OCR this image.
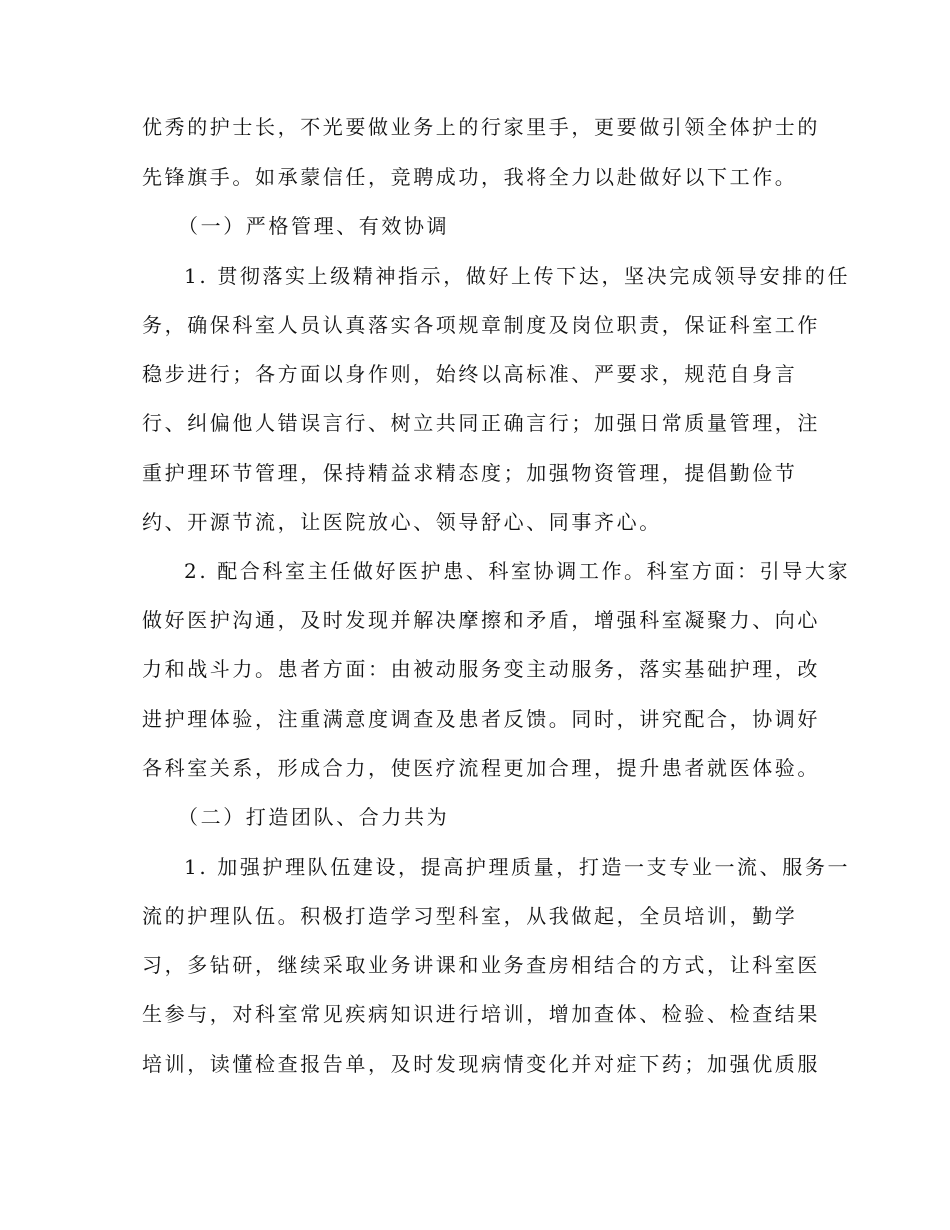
优秀的护士长，不光要做业务上的行家里手，更要做引领全体护士的
先锋旗手。如承蒙信任，竞聘成功，我将全力以赴做好以下工作。
（一）严格管理、有效协调
1. 贯彻落实上级精神指示，做好上传下达，坚决完成领导安排的任
务，确保科室人员认真落实各项规章制度及岗位职责，保证科室工作
稳步进行；各方面以身作则，始终以高标准、严要求，规范自身言
行、纠偏他人错误言行、树立共同正确言行；加强日常质量管理，注
重护理环节管理，保持精益求精态度；加强物资管理，提倡勤俭节
约、开源节流，让医院放心、领导舒心、同事齐心。
2. 配合科室主任做好医护患、科室协调工作。科室方面：引导大家
做好医护沟通，及时发现并解决摩擦和矛盾，增强科室凝聚力、向心
力和战斗力。患者方面：由被动服务变主动服务，落实基础护理，改
进护理体验，注重满意度调查及患者反馈。同时，讲究配合，协调好
各科室关系，形成合力，使医疗流程更加合理，提升患者就医体验。
（二）打造团队、合力共为
1. 加强护理队伍建设，提高护理质量，打造一支专业一流、服务一
流的护理队伍。积极打造学习型科室，从我做起，全员培训，勤学
习，多钻研，继续采取业务讲课和业务查房相结合的方式，让科室医
生参与，对科室常见疾病知识进行培训，增加查体、检验、检查结果
培训，读懂检查报告单，及时发现病情变化并对症下药；加强优质服
